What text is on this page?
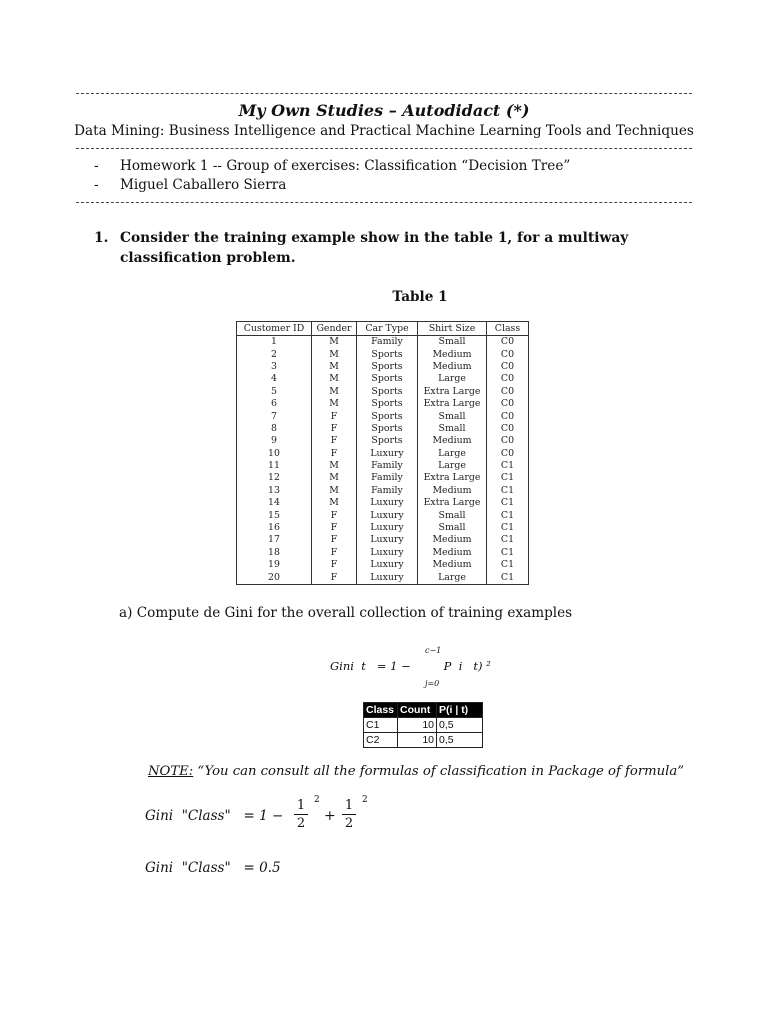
My Own Studies – Autodidact (*)
Data Mining: Business Intelligence and Practical Machine Learning Tools and Techniques
- Homework 1 -- Group of exercises: Classification “Decision Tree”
- Miguel Caballero Sierra
1. Consider the training example show in the table 1, for a multiway classification problem.
Table 1
Customer ID	Gender	Car Type	Shirt Size	Class
1	M	Family	Small	C0
2	M	Sports	Medium	C0
3	M	Sports	Medium	C0
4	M	Sports	Large	C0
5	M	Sports	Extra Large	C0
6	M	Sports	Extra Large	C0
7	F	Sports	Small	C0
8	F	Sports	Small	C0
9	F	Sports	Medium	C0
10	F	Luxury	Large	C0
11	M	Family	Large	C1
12	M	Family	Extra Large	C1
13	M	Family	Medium	C1
14	M	Luxury	Extra Large	C1
15	F	Luxury	Small	C1
16	F	Luxury	Small	C1
17	F	Luxury	Medium	C1
18	F	Luxury	Medium	C1
19	F	Luxury	Medium	C1
20	F	Luxury	Large	C1
a) Compute de Gini for the overall collection of training examples
c−1
Gini  t   = 1 −         P  i   t) ²
j=0
Class	Count	P(i | t)
C1	10	0,5
C2	10	0,5
NOTE: “You can consult all the formulas of classification in Package of formula”
Gini  "Class"   = $1 - \frac{1}{2} 2$
+ $\frac{1}{2} 2$
Gini  "Class"   = 0.5
